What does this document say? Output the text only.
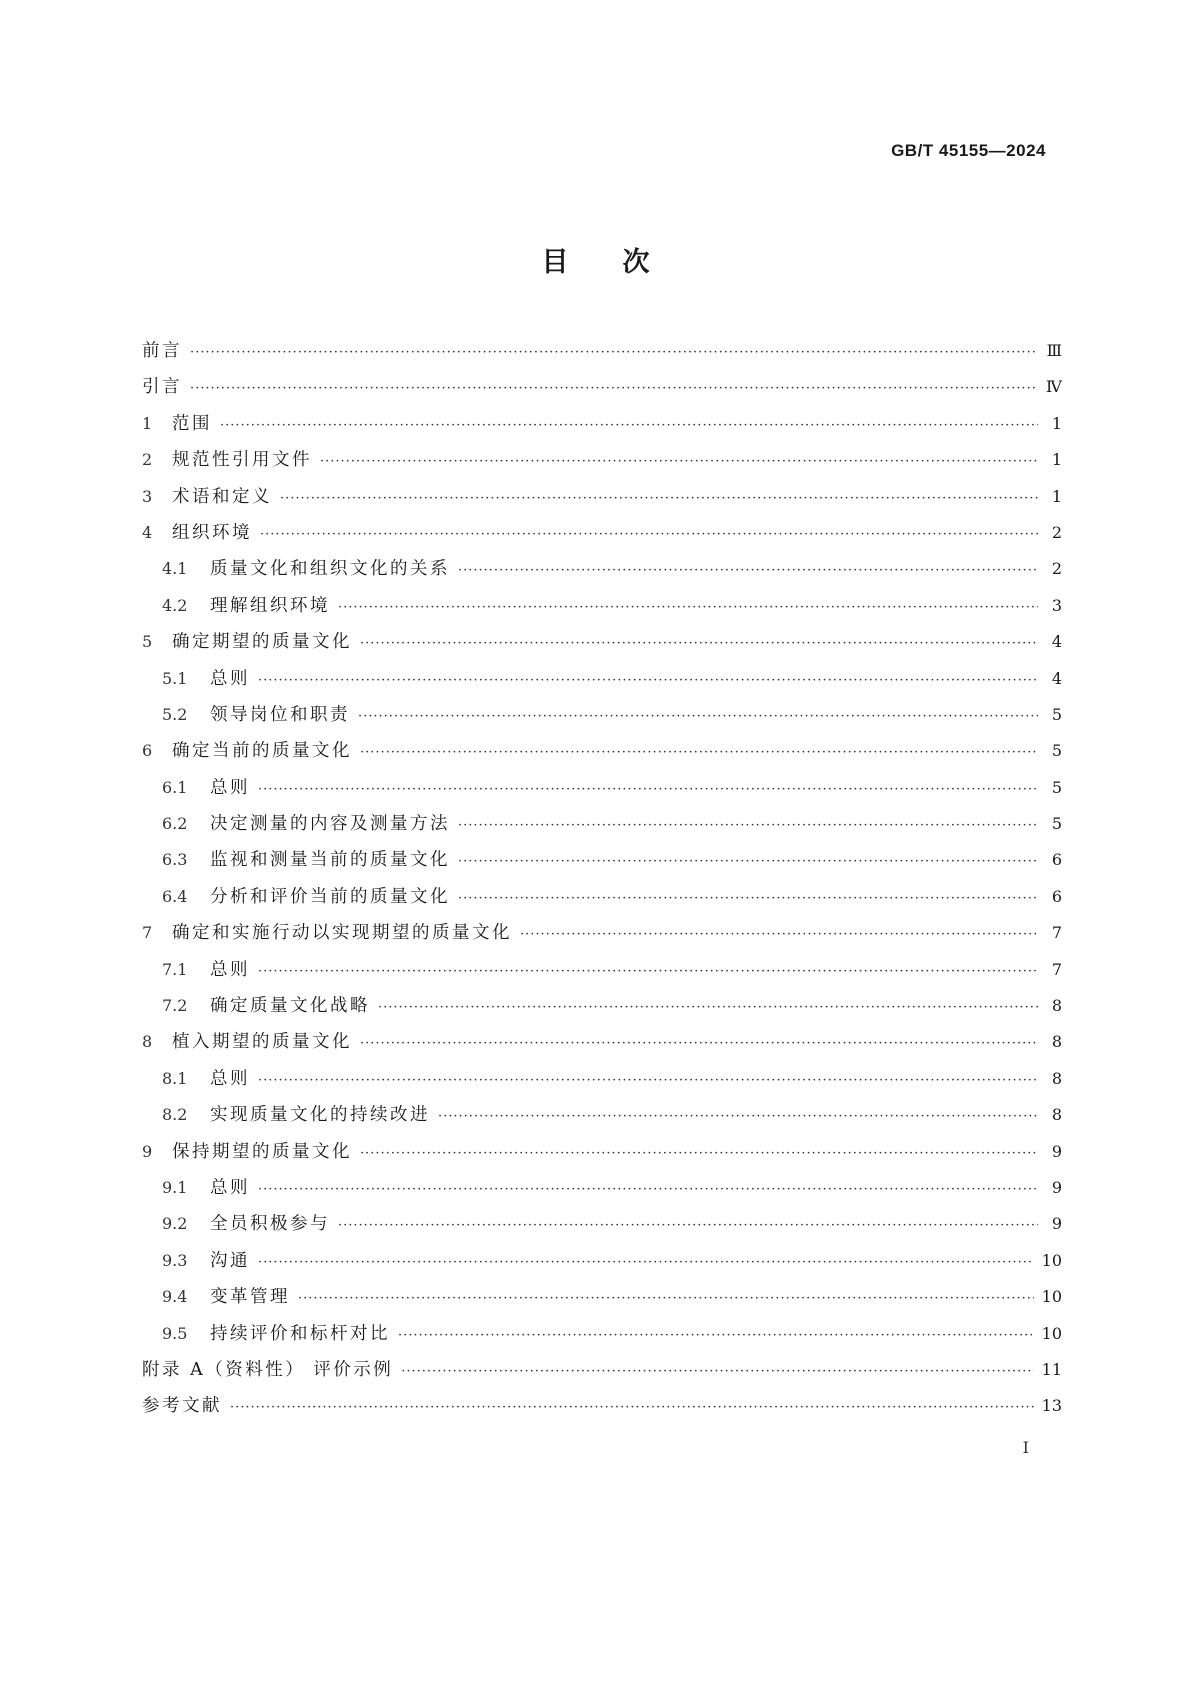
GB/T 45155—2024
目 次
前言 ·····	Ⅲ
引言 ·····	Ⅳ
1	范围 ·····	1
2	规范性引用文件 ·····	1
3	术语和定义 ·····	1
4	组织环境 ·····	2
4.1	质量文化和组织文化的关系 ·····	2
4.2	理解组织环境 ·····	3
5	确定期望的质量文化 ·····	4
5.1	总则 ·····	4
5.2	领导岗位和职责 ·····	5
6	确定当前的质量文化 ·····	5
6.1	总则 ·····	5
6.2	决定测量的内容及测量方法 ·····	5
6.3	监视和测量当前的质量文化 ·····	6
6.4	分析和评价当前的质量文化 ·····	6
7	确定和实施行动以实现期望的质量文化 ·····	7
7.1	总则 ·····	7
7.2	确定质量文化战略 ·····	8
8	植入期望的质量文化 ·····	8
8.1	总则 ·····	8
8.2	实现质量文化的持续改进 ·····	8
9	保持期望的质量文化 ·····	9
9.1	总则 ·····	9
9.2	全员积极参与 ·····	9
9.3	沟通 ·····	10
9.4	变革管理 ·····	10
9.5	持续评价和标杆对比 ·····	10
附录 A（资料性） 评价示例 ·····	11
参考文献 ·····	13
Ⅰ
